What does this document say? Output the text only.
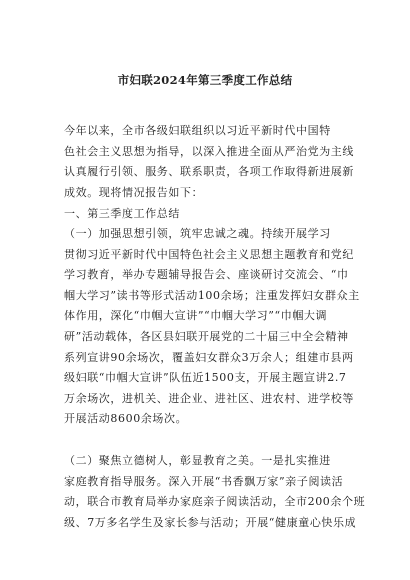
市妇联2024年第三季度工作总结
今年以来，全市各级妇联组织以习近平新时代中国特
色社会主义思想为指导，以深入推进全面从严治党为主线
认真履行引领、服务、联系职责，各项工作取得新进展新
成效。现将情况报告如下：
一、第三季度工作总结
（一）加强思想引领，筑牢忠诚之魂。持续开展学习
贯彻习近平新时代中国特色社会主义思想主题教育和党纪
学习教育，举办专题辅导报告会、座谈研讨交流会、“巾
帼大学习”读书等形式活动100余场；注重发挥妇女群众主
体作用，深化“巾帼大宣讲”“巾帼大学习”“巾帼大调
研”活动载体，各区县妇联开展党的二十届三中全会精神
系列宣讲90余场次，覆盖妇女群众3万余人；组建市县两
级妇联“巾帼大宣讲”队伍近1500支，开展主题宣讲2.7
万余场次，进机关、进企业、进社区、进农村、进学校等
开展活动8600余场次。
（二）聚焦立德树人，彰显教育之美。一是扎实推进
家庭教育指导服务。深入开展“书香飘万家”亲子阅读活
动，联合市教育局举办家庭亲子阅读活动，全市200余个班
级、7万多名学生及家长参与活动；开展“健康童心快乐成
